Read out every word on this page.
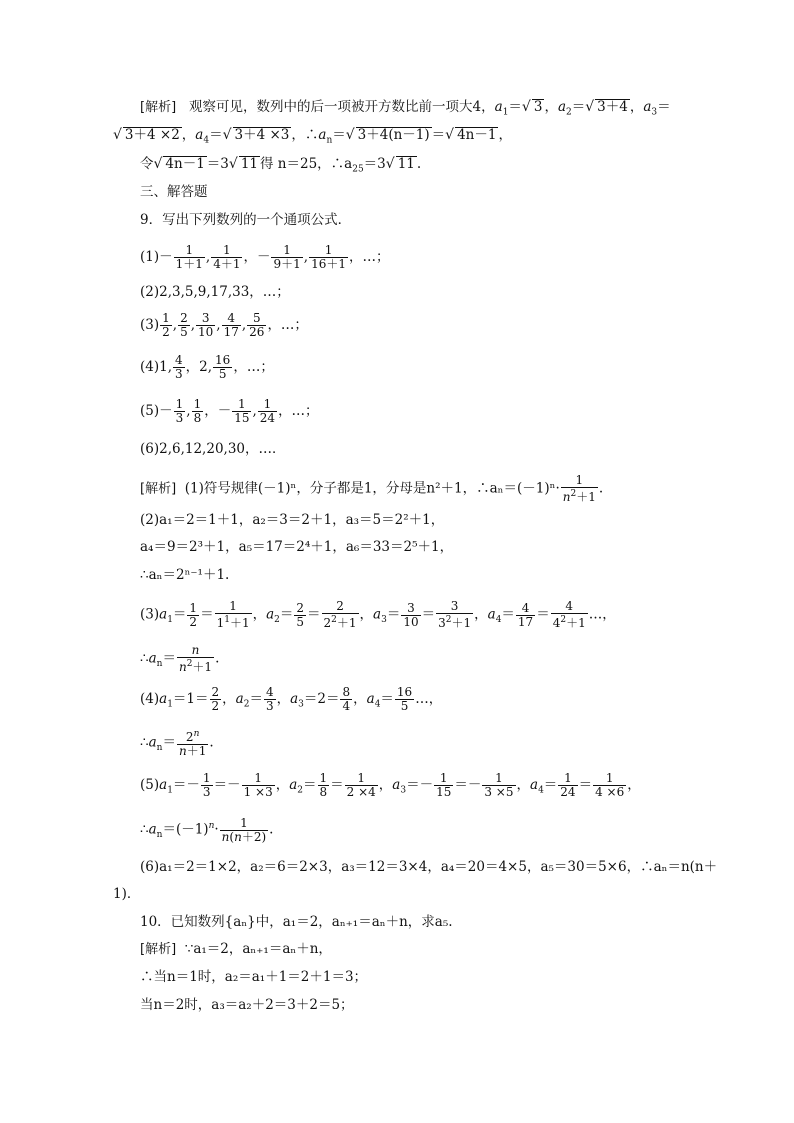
[解析] 观察可见，数列中的后一项被开方数比前一项大4，$a_1=√$ 3 ，$a_2=√$ 3＋4 ，$a_3=$
√ 3＋4 ×2 ，$a_4=√$ 3＋4 ×3 ，$\therefore a_n=√$ 3＋4(n－1) ＝√ 4n－1 ，
令√ 4n－1 ＝3√ 11 得 n＝25，$\therefore a_{25}=3√$ 11 .
三、解答题
9．写出下列数列的一个通项公式．
$(1)- \frac{1}{1+1}$ , $\frac{1}{4+1}$ ，－ $\frac{1}{9+1}$ , $\frac{1}{16+1}$ ，…；
(2)2,3,5,9,17,33，…；
$(3) \frac{1}{2}$ , $\frac{2}{5}$ , $\frac{3}{10}$ , $\frac{4}{17}$ , $\frac{5}{26}$ ，…；
(4)1, $\frac{4}{3}$ ，2, $\frac{16}{5}$ ，…；
$(5)- \frac{1}{3}$ , $\frac{1}{8}$ ，－ $\frac{1}{15}$ , $\frac{1}{24}$ ，…；
(6)2,6,12,20,30，…．
[解析] (1)符号规律(－1)ⁿ，分子都是1，分母是n²＋1，∴aₙ＝(－1)ⁿ· $\frac{1}{n^2+1}$ .
(2)a₁＝2＝1＋1，a₂＝3＝2＋1，a₃＝5＝2²＋1，
a₄＝9＝2³＋1，a₅＝17＝2⁴＋1，a₆＝33＝2⁵＋1，
∴aₙ＝2ⁿ⁻¹＋1.
$(3)a_1= \frac{1}{2} = \frac{1}{1^1+1}$ ，$a_2= \frac{2}{5} = \frac{2}{2^2+1}$ ，$a_3= \frac{3}{10} = \frac{3}{3^2+1}$ ，$a_4= \frac{4}{17} = \frac{4}{4^2+1}$ …，
$\therefore a_n= \frac{n}{n^2+1}$ .
$(4)a_1=1= \frac{2}{2}$ ，$a_2= \frac{4}{3}$ ，$a_3=2= \frac{8}{4}$ ，$a_4= \frac{16}{5}$ …，
$\therefore a_n= \frac{2^n}{n+1}$ .
$(5)a_1=- \frac{1}{3} =- \frac{1}{1 \times 3}$ ，$a_2= \frac{1}{8} = \frac{1}{2 \times 4}$ ，$a_3=- \frac{1}{15} =- \frac{1}{3 \times 5}$ ，$a_4= \frac{1}{24} = \frac{1}{4 \times 6}$ ，
$\therefore a_n=(-1)^n\cdot \frac{1}{n(n+2)}$ .
(6)a₁＝2＝1×2，a₂＝6＝2×3，a₃＝12＝3×4，a₄＝20＝4×5，a₅＝30＝5×6，∴aₙ＝n(n＋
1)．
10．已知数列{aₙ}中，a₁＝2，aₙ₊₁＝aₙ＋n，求a₅.
[解析] ∵a₁＝2，aₙ₊₁＝aₙ＋n，
∴当n＝1时，a₂＝a₁＋1＝2＋1＝3；
当n＝2时，a₃＝a₂＋2＝3＋2＝5；
